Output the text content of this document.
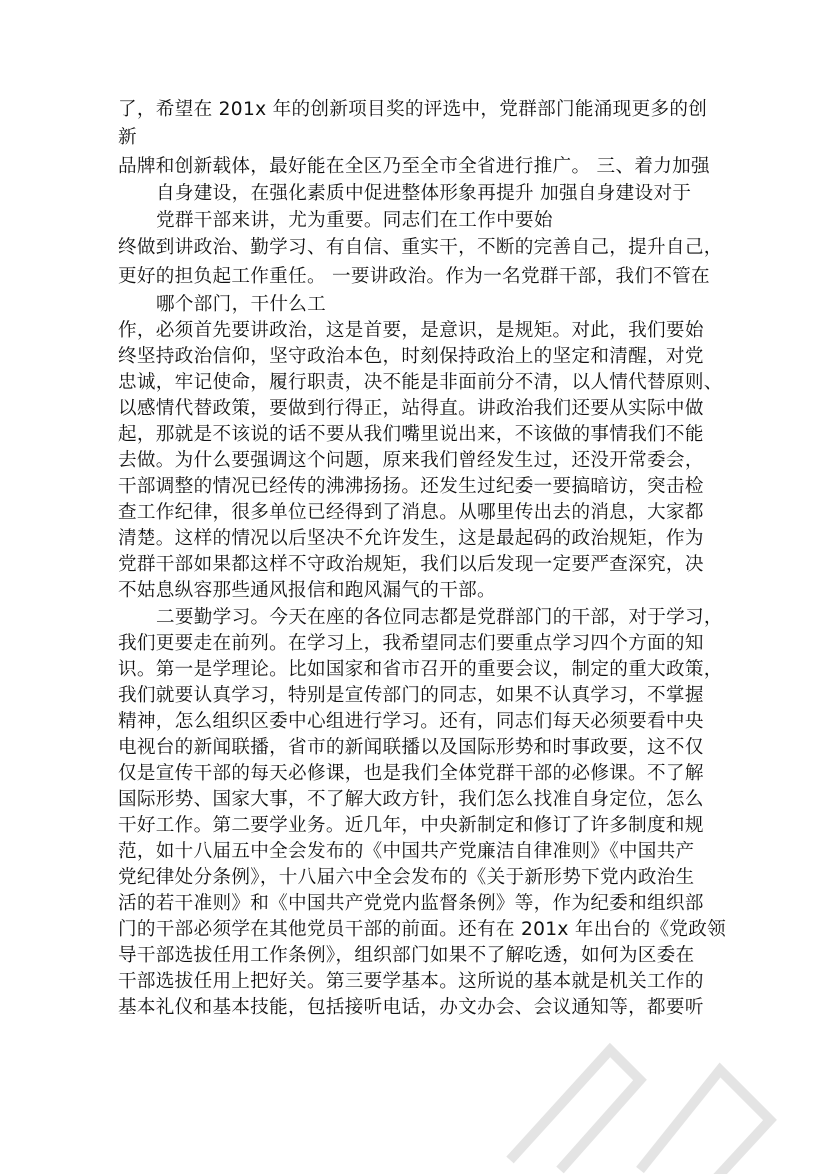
了，希望在 201x 年的创新项目奖的评选中，党群部门能涌现更多的创
新
品牌和创新载体，最好能在全区乃至全市全省进行推广。 三、着力加强
自身建设，在强化素质中促进整体形象再提升 加强自身建设对于
党群干部来讲，尤为重要。同志们在工作中要始
终做到讲政治、勤学习、有自信、重实干，不断的完善自己，提升自己，
更好的担负起工作重任。 一要讲政治。作为一名党群干部，我们不管在
哪个部门，干什么工
作，必须首先要讲政治，这是首要，是意识，是规矩。对此，我们要始
终坚持政治信仰，坚守政治本色，时刻保持政治上的坚定和清醒，对党
忠诚，牢记使命，履行职责，决不能是非面前分不清，以人情代替原则、
以感情代替政策，要做到行得正，站得直。讲政治我们还要从实际中做
起，那就是不该说的话不要从我们嘴里说出来，不该做的事情我们不能
去做。为什么要强调这个问题，原来我们曾经发生过，还没开常委会，
干部调整的情况已经传的沸沸扬扬。还发生过纪委一要搞暗访，突击检
查工作纪律，很多单位已经得到了消息。从哪里传出去的消息，大家都
清楚。这样的情况以后坚决不允许发生，这是最起码的政治规矩，作为
党群干部如果都这样不守政治规矩，我们以后发现一定要严查深究，决
不姑息纵容那些通风报信和跑风漏气的干部。
二要勤学习。今天在座的各位同志都是党群部门的干部，对于学习，
我们更要走在前列。在学习上，我希望同志们要重点学习四个方面的知
识。第一是学理论。比如国家和省市召开的重要会议，制定的重大政策，
我们就要认真学习，特别是宣传部门的同志，如果不认真学习，不掌握
精神，怎么组织区委中心组进行学习。还有，同志们每天必须要看中央
电视台的新闻联播，省市的新闻联播以及国际形势和时事政要，这不仅
仅是宣传干部的每天必修课，也是我们全体党群干部的必修课。不了解
国际形势、国家大事，不了解大政方针，我们怎么找准自身定位，怎么
干好工作。第二要学业务。近几年，中央新制定和修订了许多制度和规
范，如十八届五中全会发布的《中国共产党廉洁自律准则》《中国共产
党纪律处分条例》，十八届六中全会发布的《关于新形势下党内政治生
活的若干准则》和《中国共产党党内监督条例》等，作为纪委和组织部
门的干部必须学在其他党员干部的前面。还有在 201x 年出台的《党政领
导干部选拔任用工作条例》，组织部门如果不了解吃透，如何为区委在
干部选拔任用上把好关。第三要学基本。这所说的基本就是机关工作的
基本礼仪和基本技能，包括接听电话，办文办会、会议通知等，都要听
